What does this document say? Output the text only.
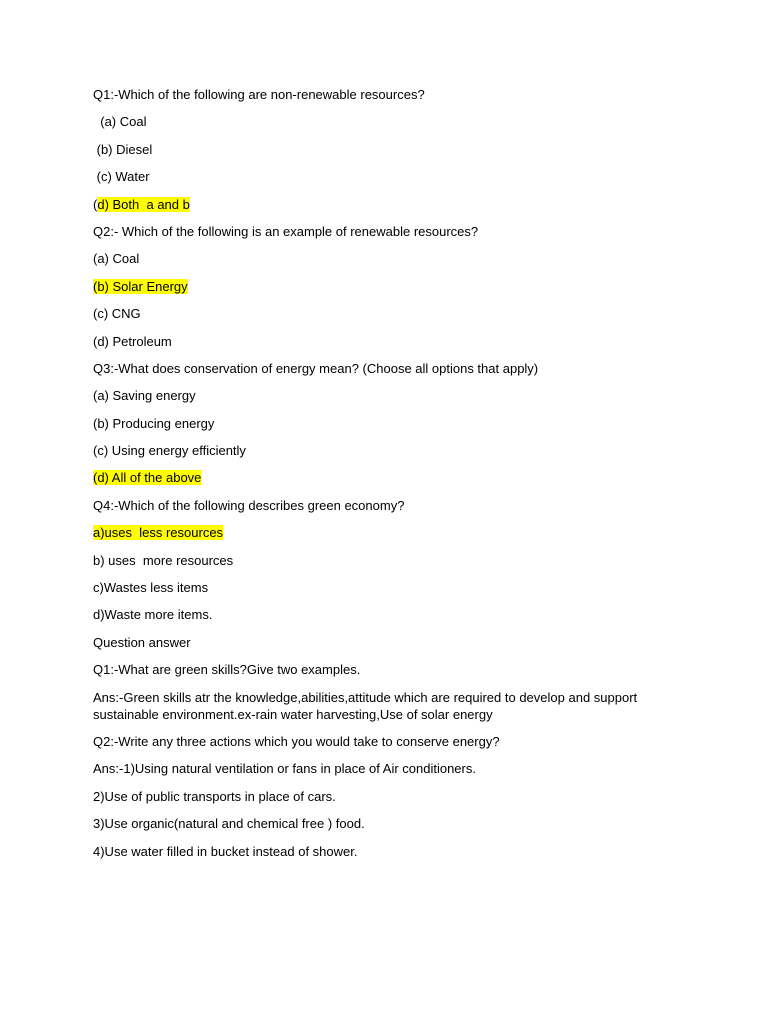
Q1:-Which of the following are non-renewable resources?
(a) Coal
(b) Diesel
(c) Water
(d) Both  a and b
Q2:- Which of the following is an example of renewable resources?
(a) Coal
(b) Solar Energy
(c) CNG
(d) Petroleum
Q3:-What does conservation of energy mean? (Choose all options that apply)
(a) Saving energy
(b) Producing energy
(c) Using energy efficiently
(d) All of the above
Q4:-Which of the following describes green economy?
a)uses  less resources
b) uses  more resources
c)Wastes less items
d)Waste more items.
Question answer
Q1:-What are green skills?Give two examples.
Ans:-Green skills atr the knowledge,abilities,attitude which are required to develop and support sustainable environment.ex-rain water harvesting,Use of solar energy
Q2:-Write any three actions which you would take to conserve energy?
Ans:-1)Using natural ventilation or fans in place of Air conditioners.
2)Use of public transports in place of cars.
3)Use organic(natural and chemical free ) food.
4)Use water filled in bucket instead of shower.
